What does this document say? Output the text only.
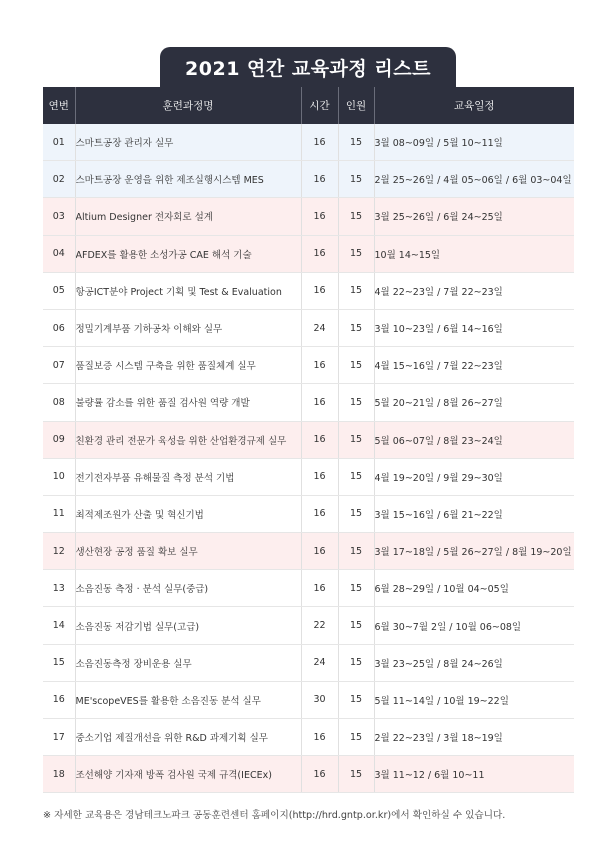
2021 연간 교육과정 리스트
연번	훈련과정명	시간	인원	교육일정
01	스마트공장 관리자 실무	16	15	3월 08~09일 / 5월 10~11일
02	스마트공장 운영을 위한 제조실행시스템 MES	16	15	2월 25~26일 / 4월 05~06일 / 6월 03~04일
03	Altium Designer 전자회로 설계	16	15	3월 25~26일 / 6월 24~25일
04	AFDEX를 활용한 소성가공 CAE 해석 기술	16	15	10월 14~15일
05	항공ICT분야 Project 기획 및 Test & Evaluation	16	15	4월 22~23일 / 7월 22~23일
06	정밀기계부품 기하공차 이해와 실무	24	15	3월 10~23일 / 6월 14~16일
07	품질보증 시스템 구축을 위한 품질체계 실무	16	15	4월 15~16일 / 7월 22~23일
08	불량률 감소를 위한 품질 검사원 역량 개발	16	15	5월 20~21일 / 8월 26~27일
09	친환경 관리 전문가 육성을 위한 산업환경규제 실무	16	15	5월 06~07일 / 8월 23~24일
10	전기전자부품 유해물질 측정 분석 기법	16	15	4월 19~20일 / 9월 29~30일
11	최적제조원가 산출 및 혁신기법	16	15	3월 15~16일 / 6월 21~22일
12	생산현장 공정 품질 확보 실무	16	15	3월 17~18일 / 5월 26~27일 / 8월 19~20일
13	소음진동 측정 · 분석 실무(중급)	16	15	6월 28~29일 / 10월 04~05일
14	소음진동 저감기법 실무(고급)	22	15	6월 30~7월 2일 / 10월 06~08일
15	소음진동측정 장비운용 실무	24	15	3월 23~25일 / 8월 24~26일
16	ME'scopeVES를 활용한 소음진동 분석 실무	30	15	5월 11~14일 / 10월 19~22일
17	중소기업 제질개선을 위한 R&D 과제기획 실무	16	15	2월 22~23일 / 3월 18~19일
18	조선해양 기자재 방폭 검사원 국제 규격(IECEx)	16	15	3월 11~12 / 6월 10~11
※ 자세한 교육용은 경남테크노파크 공동훈련센터 홈페이지(http://hrd.gntp.or.kr)에서 확인하실 수 있습니다.
